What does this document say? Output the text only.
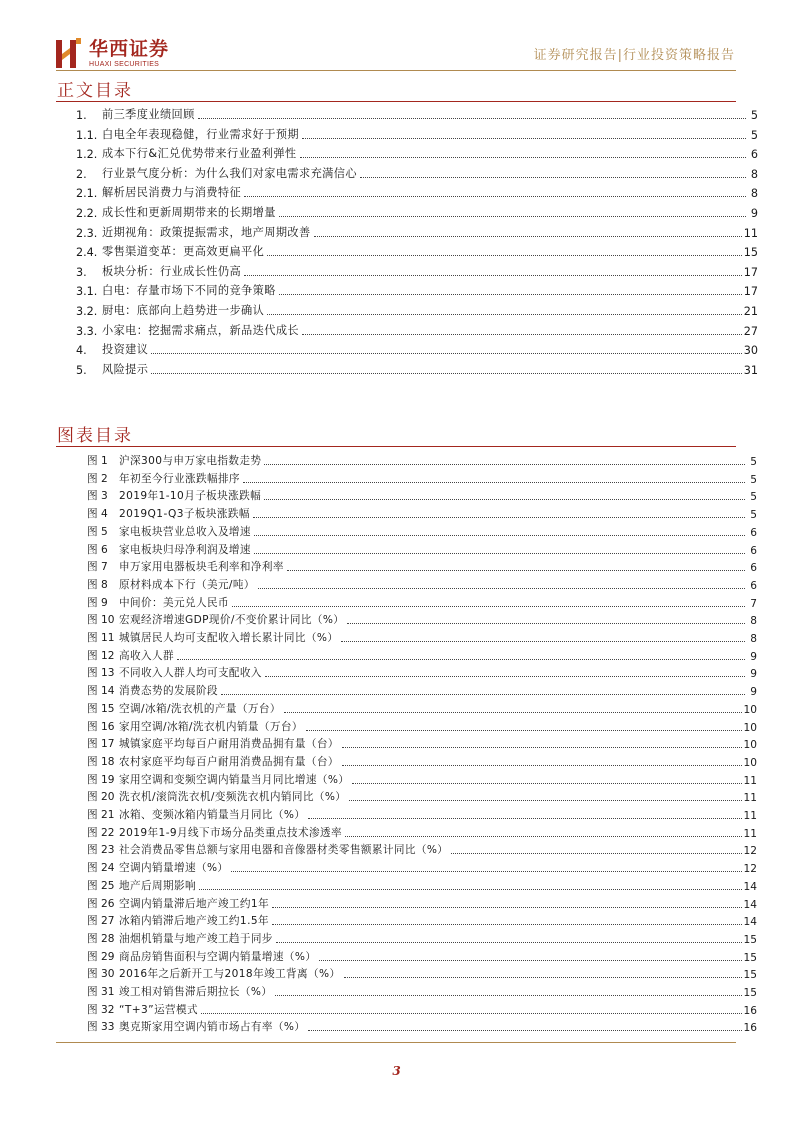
华西证券
HUAXI SECURITIES
证券研究报告|行业投资策略报告
正文目录
1.	前三季度业绩回顾	5
1.1. 白电全年表现稳健，行业需求好于预期	5
1.2. 成本下行&汇兑优势带来行业盈利弹性	6
2.	行业景气度分析：为什么我们对家电需求充满信心	8
2.1. 解析居民消费力与消费特征	8
2.2. 成长性和更新周期带来的长期增量	9
2.3. 近期视角：政策提振需求，地产周期改善	11
2.4. 零售渠道变革：更高效更扁平化	15
3.	板块分析：行业成长性仍高	17
3.1. 白电：存量市场下不同的竞争策略	17
3.2. 厨电：底部向上趋势进一步确认	21
3.3. 小家电：挖掘需求痛点，新品迭代成长	27
4.	投资建议	30
5.	风险提示	31
图表目录
图 1	沪深300与申万家电指数走势	5
图 2	年初至今行业涨跌幅排序	5
图 3	2019年1-10月子板块涨跌幅	5
图 4	2019Q1-Q3子板块涨跌幅	5
图 5	家电板块营业总收入及增速	6
图 6	家电板块归母净利润及增速	6
图 7	申万家用电器板块毛利率和净利率	6
图 8	原材料成本下行（美元/吨）	6
图 9	中间价：美元兑人民币	7
图 10 宏观经济增速GDP现价/不变价累计同比（%）	8
图 11 城镇居民人均可支配收入增长累计同比（%）	8
图 12 高收入人群	9
图 13 不同收入人群人均可支配收入	9
图 14 消费态势的发展阶段	9
图 15 空调/冰箱/洗衣机的产量（万台）	10
图 16 家用空调/冰箱/洗衣机内销量（万台）	10
图 17 城镇家庭平均每百户耐用消费品拥有量（台）	10
图 18 农村家庭平均每百户耐用消费品拥有量（台）	10
图 19 家用空调和变频空调内销量当月同比增速（%）	11
图 20 洗衣机/滚筒洗衣机/变频洗衣机内销同比（%）	11
图 21 冰箱、变频冰箱内销量当月同比（%）	11
图 22 2019年1-9月线下市场分品类重点技术渗透率	11
图 23 社会消费品零售总额与家用电器和音像器材类零售额累计同比（%）	12
图 24 空调内销量增速（%）	12
图 25 地产后周期影响	14
图 26 空调内销量滞后地产竣工约1年	14
图 27 冰箱内销滞后地产竣工约1.5年	14
图 28 油烟机销量与地产竣工趋于同步	15
图 29 商品房销售面积与空调内销量增速（%）	15
图 30 2016年之后新开工与2018年竣工背离（%）	15
图 31 竣工相对销售滞后期拉长（%）	15
图 32 “T+3”运营模式	16
图 33 奥克斯家用空调内销市场占有率（%）	16
3
